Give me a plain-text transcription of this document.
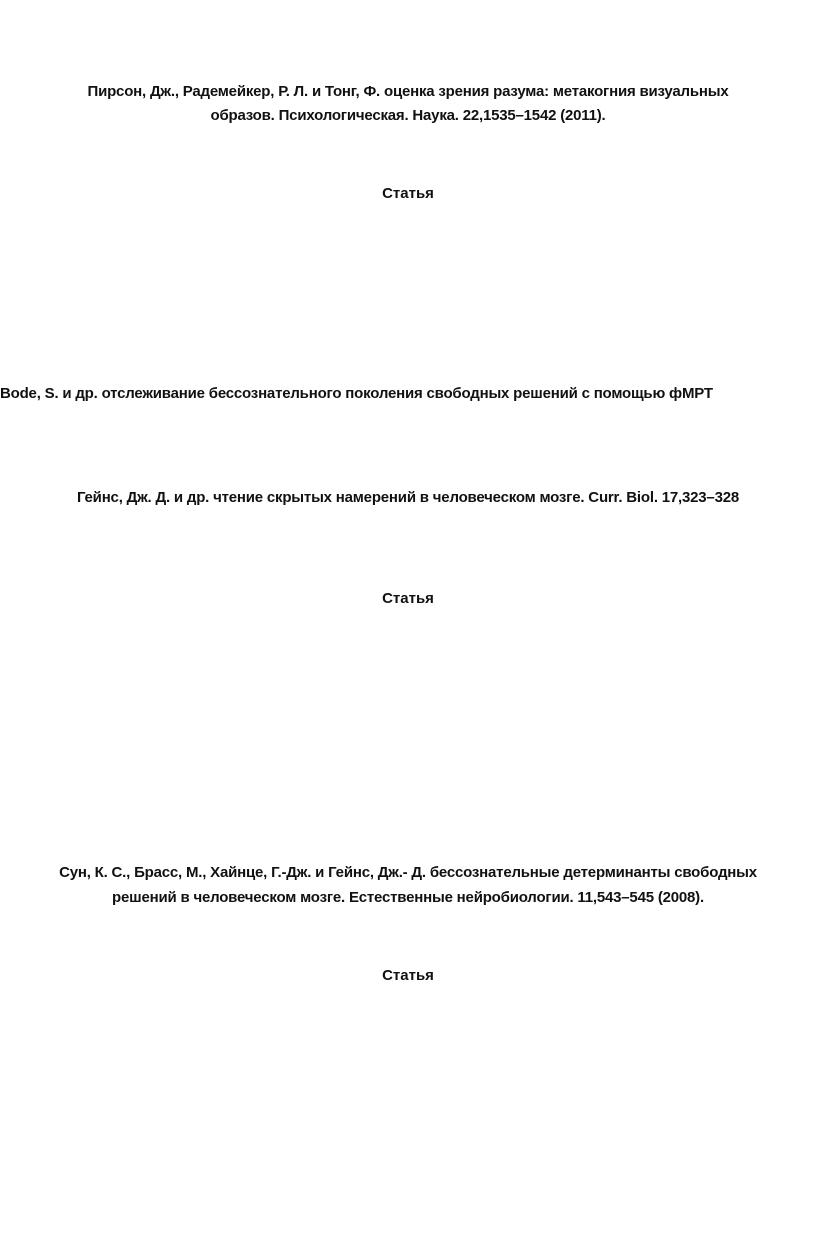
Пирсон, Дж., Радемейкер, Р. Л. и Тонг, Ф. оценка зрения разума: метакогния визуальных
образов. Психологическая. Наука. 22,1535–1542 (2011).
Статья
Bode, S. и др. отслеживание бессознательного поколения свободных решений с помощью фМРТ
Гейнс, Дж. Д. и др. чтение скрытых намерений в человеческом мозге. Curr. Biol. 17,323–328
Статья
Сун, К. С., Брасс, М., Хайнце, Г.-Дж. и Гейнс, Дж.- Д. бессознательные детерминанты свободных
решений в человеческом мозге. Естественные нейробиологии. 11,543–545 (2008).
Статья
